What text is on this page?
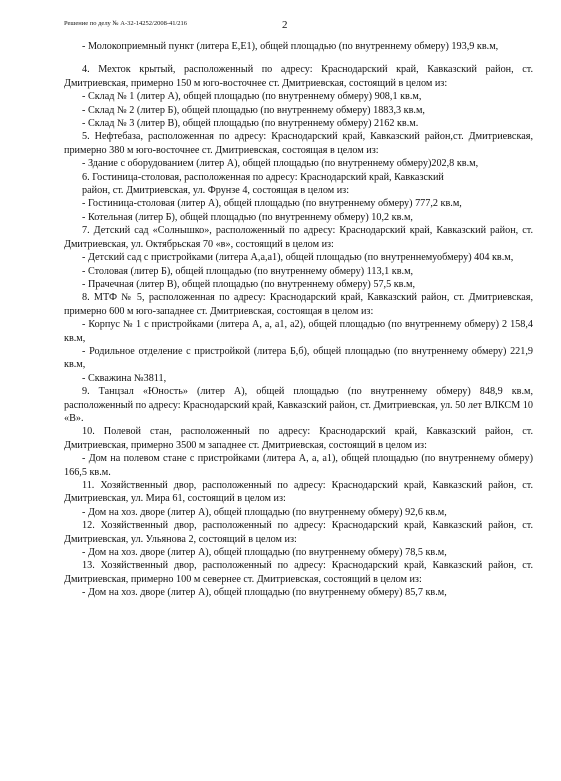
Решение по делу № А-32-14252/2008-41/216	2

- Молокоприемный пункт (литера Е,Е1), общей площадью (по внутреннему обмеру) 193,9 кв.м,

4. Мехток крытый, расположенный по адресу: Краснодарский край, Кавказский район, ст. Дмитриевская, примерно 150 м юго-восточнее ст. Дмитриевская, состоящий в целом из:

- Склад № 1 (литер А), общей площадью (по внутреннему обмеру) 908,1 кв.м,

- Склад № 2 (литер Б), общей площадью (по внутреннему обмеру) 1883,3 кв.м,

- Склад № 3 (литер В), общей площадью (по внутреннему обмеру) 2162 кв.м.

5. Нефтебаза, расположенная по адресу: Краснодарский край, Кавказский район,ст. Дмитриевская, примерно 380 м юго-восточнее ст. Дмитриевская, состоящая в целом из:

- Здание с оборудованием (литер А), общей площадью (по внутреннему обмеру)202,8 кв.м,

6. Гостиница-столовая, расположенная по адресу: Краснодарский край, Кавказский

район, ст. Дмитриевская, ул. Фрунзе 4, состоящая в целом из:

- Гостиница-столовая (литер А), общей площадью (по внутреннему обмеру) 777,2 кв.м,

- Котельная (литер Б), общей площадью (по внутреннему обмеру) 10,2 кв.м,

7. Детский сад «Солнышко», расположенный по адресу: Краснодарский край, Кавказский район, ст. Дмитриевская, ул. Октябрьская 70 «в», состоящий в целом из:

- Детский сад с пристройками (литера А,а,а1), общей площадью (по внутреннемуобмеру) 404 кв.м,

- Столовая (литер Б), общей площадью (по внутреннему обмеру) 113,1 кв.м,

- Прачечная (литер В), общей площадью (по внутреннему обмеру) 57,5 кв.м,

8. МТФ № 5, расположенная по адресу: Краснодарский край, Кавказский район, ст. Дмитриевская, примерно 600 м юго-западнее ст. Дмитриевская, состоящая в целом из:

- Корпус № 1 с пристройками (литера А, а, а1, а2), общей площадью (по внутреннему обмеру) 2 158,4 кв.м,

- Родильное отделение с пристройкой (литера Б,б), общей площадью (по внутреннему обмеру) 221,9 кв.м,

- Скважина №3811,

9. Танцзал «Юность» (литер А), общей площадью (по внутреннему обмеру) 848,9 кв.м, расположенный по адресу: Краснодарский край, Кавказский район, ст. Дмитриевская, ул. 50 лет ВЛКСМ 10 «В».

10. Полевой стан, расположенный по адресу: Краснодарский край, Кавказский район, ст. Дмитриевская, примерно 3500 м западнее ст. Дмитриевская, состоящий в целом из:

- Дом на полевом стане с пристройками (литера А, а, а1), общей площадью (по внутреннему обмеру) 166,5 кв.м.

11. Хозяйственный двор, расположенный по адресу: Краснодарский край, Кавказский район, ст. Дмитриевская, ул. Мира 61, состоящий в целом из:

- Дом на хоз. дворе (литер А), общей площадью (по внутреннему обмеру) 92,6 кв.м,

12. Хозяйственный двор, расположенный по адресу: Краснодарский край, Кавказский район, ст. Дмитриевская, ул. Ульянова 2, состоящий в целом из:

- Дом на хоз. дворе (литер А), общей площадью (по внутреннему обмеру) 78,5 кв.м,

13. Хозяйственный двор, расположенный по адресу: Краснодарский край, Кавказский район, ст. Дмитриевская, примерно 100 м севернее ст. Дмитриевская, состоящий в целом из:

- Дом на хоз. дворе (литер А), общей площадью (по внутреннему обмеру) 85,7 кв.м,
